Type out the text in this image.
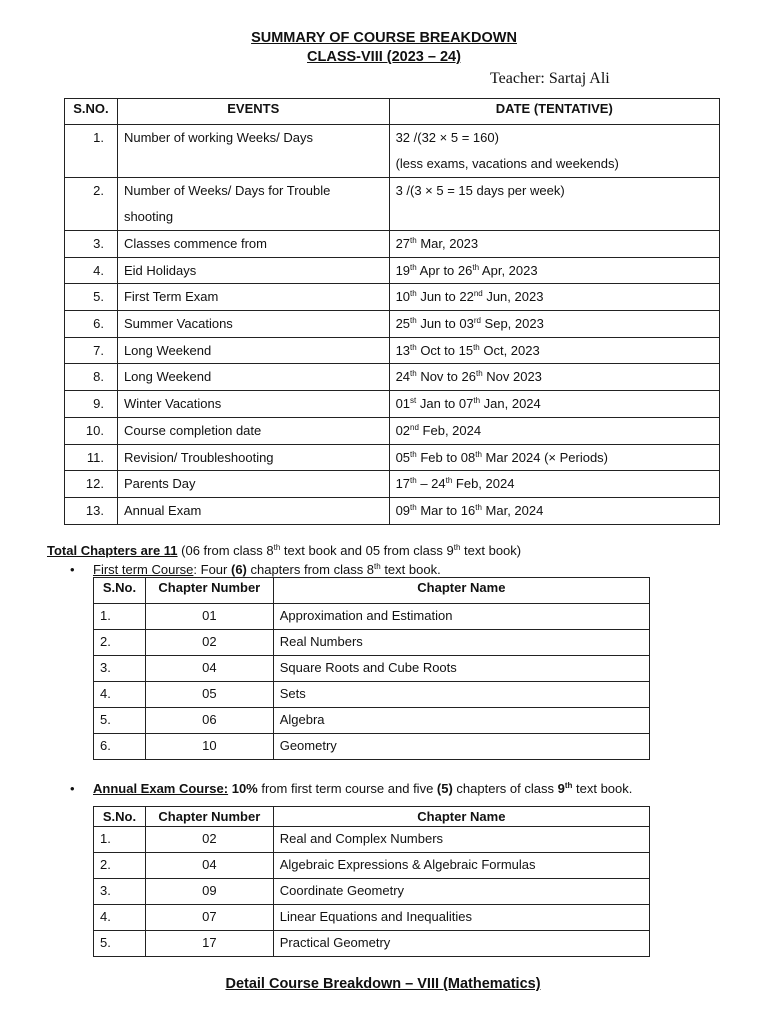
SUMMARY OF COURSE BREAKDOWN
CLASS-VIII (2023 – 24)
Teacher: Sartaj Ali
S.NO.	EVENTS	DATE (TENTATIVE)
1.	Number of working Weeks/ Days	32 /(32 × 5 = 160)
(less exams, vacations and weekends)

2.	Number of Weeks/ Days for Trouble
shooting	3 /(3 × 5 = 15 days per week)
3.	Classes commence from	27th Mar, 2023
4.	Eid Holidays	19th Apr to 26th Apr, 2023
5.	First Term Exam	10th Jun to 22nd Jun, 2023
6.	Summer Vacations	25th Jun to 03rd Sep, 2023
7.	Long Weekend	13th Oct to 15th Oct, 2023
8.	Long Weekend	24th Nov to 26th Nov 2023
9.	Winter Vacations	01st Jan to 07th Jan, 2024
10.	Course completion date	02nd Feb, 2024
11.	Revision/ Troubleshooting	05th Feb to 08th Mar 2024 (× Periods)
12.	Parents Day	17th – 24th Feb, 2024
13.	Annual Exam	09th Mar to 16th Mar, 2024
Total Chapters are 11 (06 from class 8th text book and 05 from class 9th text book)
• First term Course: Four (6) chapters from class 8th text book.
S.No.	Chapter Number	Chapter Name
1.	01	Approximation and Estimation
2.	02	Real Numbers
3.	04	Square Roots and Cube Roots
4.	05	Sets
5.	06	Algebra
6.	10	Geometry
• Annual Exam Course: 10% from first term course and five (5) chapters of class 9th text book.
S.No.	Chapter Number	Chapter Name
1.	02	Real and Complex Numbers
2.	04	Algebraic Expressions & Algebraic Formulas
3.	09	Coordinate Geometry
4.	07	Linear Equations and Inequalities
5.	17	Practical Geometry
Detail Course Breakdown – VIII (Mathematics)
